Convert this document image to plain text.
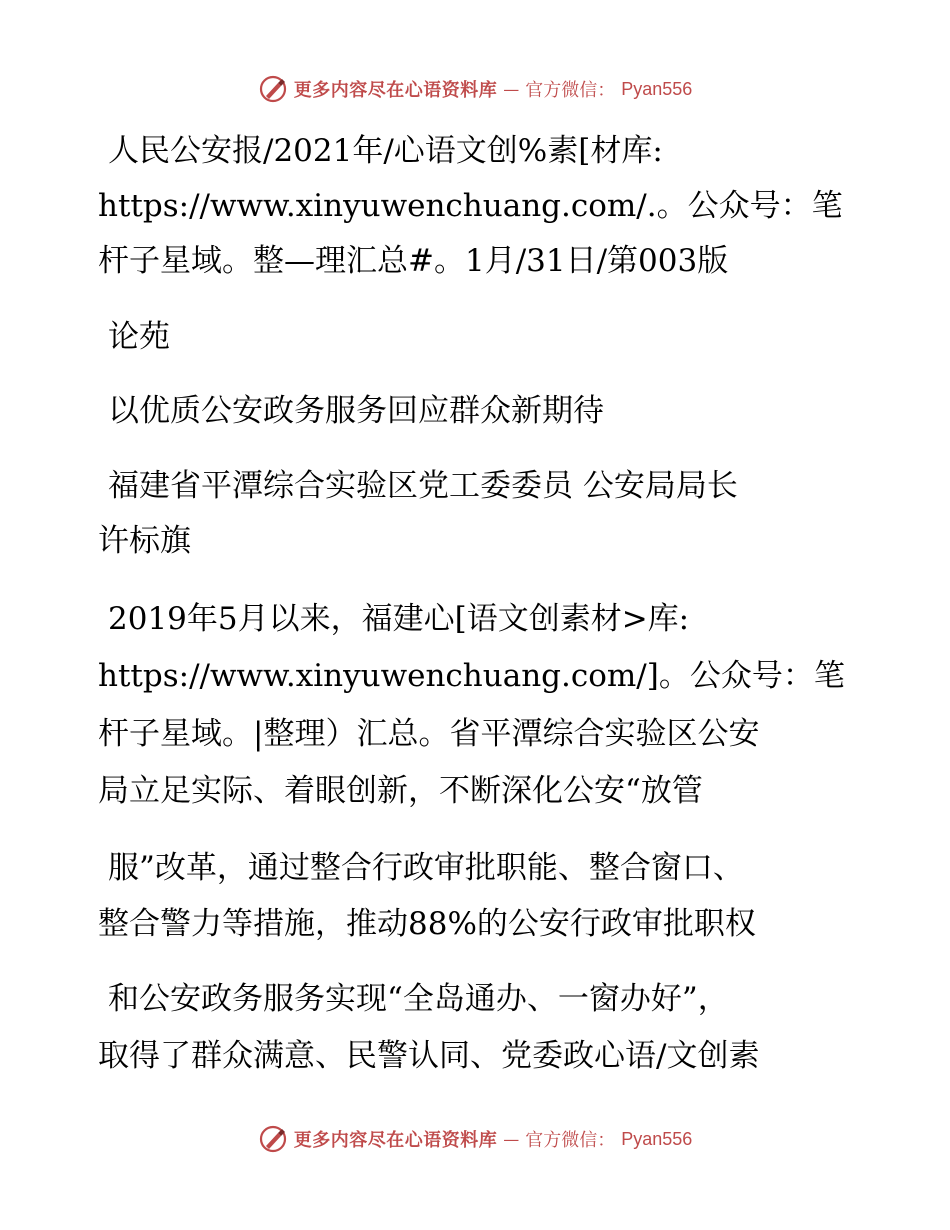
更多内容尽在心语资料库 — 官方微信： Pyan556
人民公安报/2021年/心语文创%素[材库:
https://www.xinyuwenchuang.com/.。公众号：笔
杆子星域。整—理汇总#。1月/31日/第003版
论苑
以优质公安政务服务回应群众新期待
福建省平潭综合实验区党工委委员 公安局局长
许标旗
2019年5月以来，福建心[语文创素材>库:
https://www.xinyuwenchuang.com/]。公众号：笔
杆子星域。|整理）汇总。省平潭综合实验区公安
局立足实际、着眼创新，不断深化公安“放管
服”改革，通过整合行政审批职能、整合窗口、
整合警力等措施，推动88%的公安行政审批职权
和公安政务服务实现“全岛通办、一窗办好”，
取得了群众满意、民警认同、党委政心语/文创素
更多内容尽在心语资料库 — 官方微信： Pyan556
